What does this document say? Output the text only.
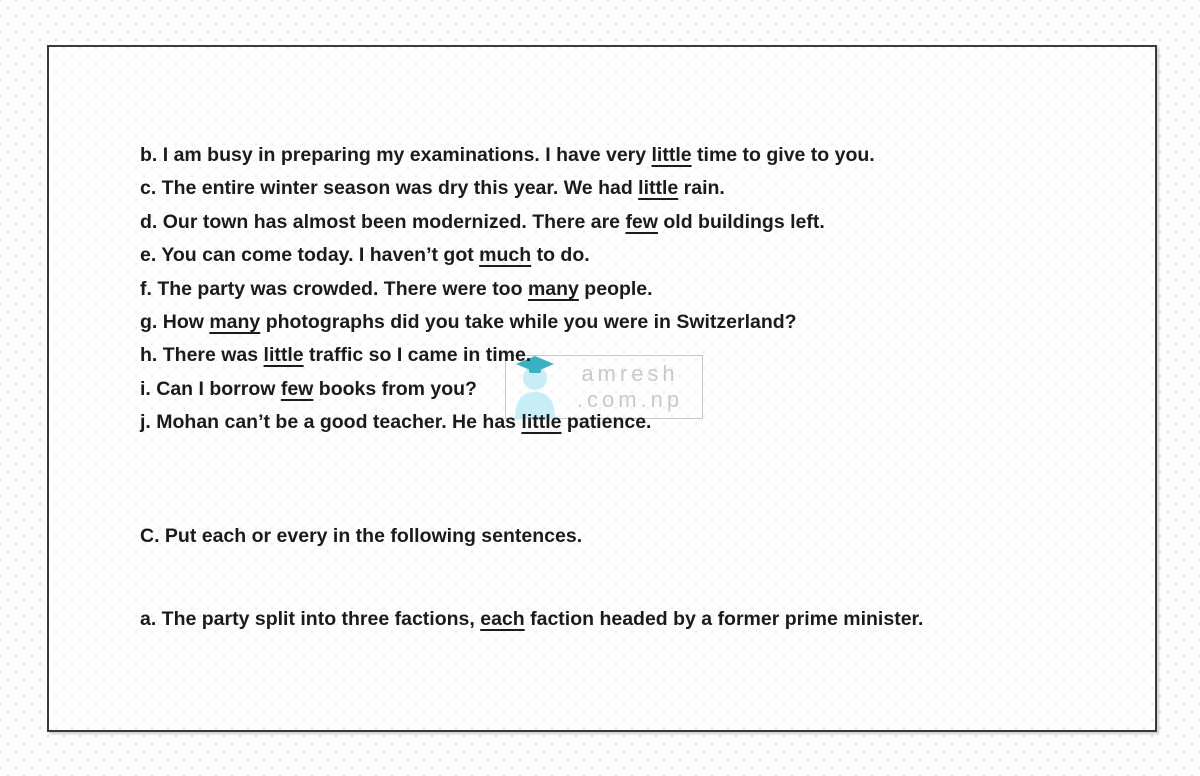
amresh
.com.np
b. I am busy in preparing my examinations. I have very little time to give to you.
c. The entire winter season was dry this year. We had little rain.
d. Our town has almost been modernized. There are few old buildings left.
e. You can come today. I haven’t got much to do.
f. The party was crowded. There were too many people.
g. How many photographs did you take while you were in Switzerland?
h. There was little traffic so I came in time.
i. Can I borrow few books from you?
j. Mohan can’t be a good teacher. He has little patience.
C. Put each or every in the following sentences.
a. The party split into three factions, each faction headed by a former prime minister.
